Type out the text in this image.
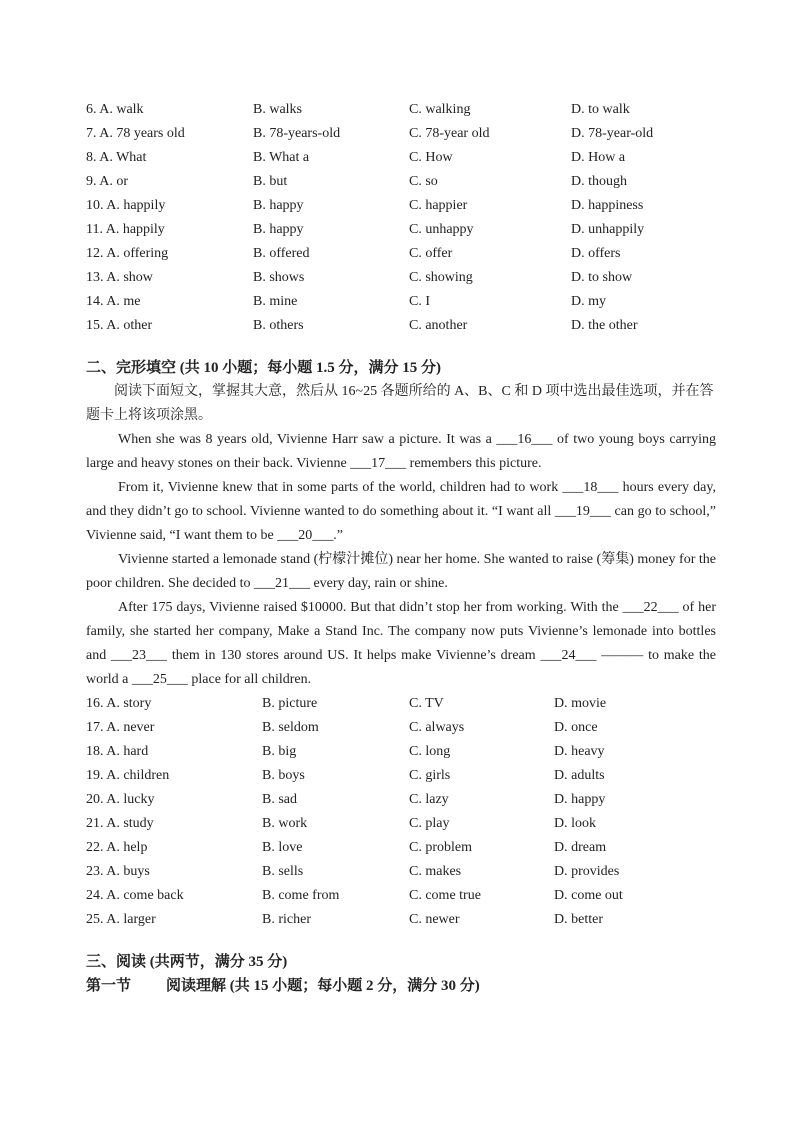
6. A. walk	B. walks	C. walking	D. to walk
7. A. 78 years old	B. 78-years-old	C. 78-year old	D. 78-year-old
8. A. What	B. What a	C. How	D. How a
9. A. or	B. but	C. so	D. though
10. A. happily	B. happy	C. happier	D. happiness
11. A. happily	B. happy	C. unhappy	D. unhappily
12. A. offering	B. offered	C. offer	D. offers
13. A. show	B. shows	C. showing	D. to show
14. A. me	B. mine	C. I	D. my
15. A. other	B. others	C. another	D. the other
二、完形填空 (共 10 小题；每小题 1.5 分，满分 15 分)
阅读下面短文，掌握其大意，然后从 16~25 各题所给的 A、B、C 和 D 项中选出最佳选项，并在答题卡上将该项涂黑。
When she was 8 years old, Vivienne Harr saw a picture. It was a ___16___ of two young boys carrying large and heavy stones on their back. Vivienne ___17___ remembers this picture.
From it, Vivienne knew that in some parts of the world, children had to work ___18___ hours every day, and they didn’t go to school. Vivienne wanted to do something about it. “I want all ___19___ can go to school,” Vivienne said, “I want them to be ___20___.”
Vivienne started a lemonade stand (柠檬汁摊位) near her home. She wanted to raise (筹集) money for the poor children. She decided to ___21___ every day, rain or shine.
After 175 days, Vivienne raised $10000. But that didn’t stop her from working. With the ___22___ of her family, she started her company, Make a Stand Inc. The company now puts Vivienne’s lemonade into bottles and ___23___ them in 130 stores around US. It helps make Vivienne’s dream ___24___ ——— to make the world a ___25___ place for all children.
16. A. story	B. picture	C. TV	D. movie
17. A. never	B. seldom	C. always	D. once
18. A. hard	B. big	C. long	D. heavy
19. A. children	B. boys	C. girls	D. adults
20. A. lucky	B. sad	C. lazy	D. happy
21. A. study	B. work	C. play	D. look
22. A. help	B. love	C. problem	D. dream
23. A. buys	B. sells	C. makes	D. provides
24. A. come back	B. come from	C. come true	D. come out
25. A. larger	B. richer	C. newer	D. better
三、阅读 (共两节，满分 35 分)
第一节	阅读理解 (共 15 小题；每小题 2 分，满分 30 分)
